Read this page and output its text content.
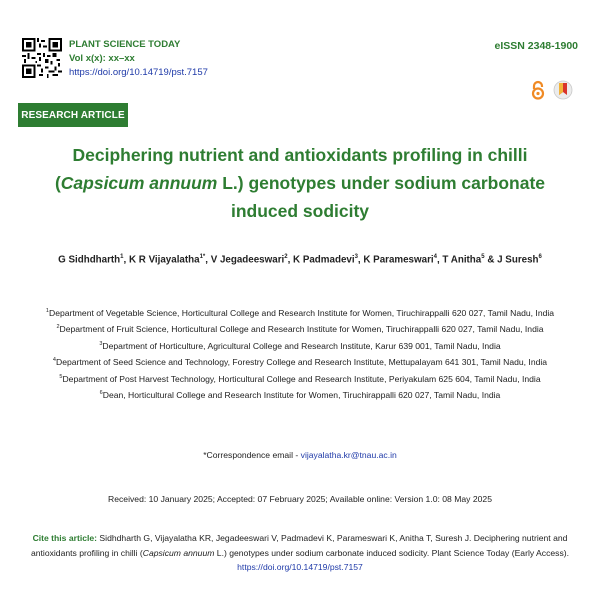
PLANT SCIENCE TODAY
Vol x(x): xx–xx
https://doi.org/10.14719/pst.7157
eISSN 2348-1900
RESEARCH ARTICLE
Deciphering nutrient and antioxidants profiling in chilli
(Capsicum annuum L.) genotypes under sodium carbonate
induced sodicity
G Sidhdharth$^1$, K R Vijayalatha$^{1*}$, V Jegadeeswari$^2$, K Padmadevi$^3$, K Parameswari$^4$, T Anitha$^5$ & J Suresh$^6$
$^1$Department of Vegetable Science, Horticultural College and Research Institute for Women, Tiruchirappalli 620 027, Tamil Nadu, India
$^2$Department of Fruit Science, Horticultural College and Research Institute for Women, Tiruchirappalli 620 027, Tamil Nadu, India
$^3$Department of Horticulture, Agricultural College and Research Institute, Karur 639 001, Tamil Nadu, India
$^4$Department of Seed Science and Technology, Forestry College and Research Institute, Mettupalayam 641 301, Tamil Nadu, India
$^5$Department of Post Harvest Technology, Horticultural College and Research Institute, Periyakulam 625 604, Tamil Nadu, India
$^6$Dean, Horticultural College and Research Institute for Women, Tiruchirappalli 620 027, Tamil Nadu, India
*Correspondence email - vijayalatha.kr@tnau.ac.in
Received: 10 January 2025; Accepted: 07 February 2025; Available online: Version 1.0: 08 May 2025
Cite this article: Sidhdharth G, Vijayalatha KR, Jegadeeswari V, Padmadevi K, Parameswari K, Anitha T, Suresh J. Deciphering nutrient and antioxidants profiling in chilli (Capsicum annuum L.) genotypes under sodium carbonate induced sodicity. Plant Science Today (Early Access).
https://doi.org/10.14719/pst.7157
